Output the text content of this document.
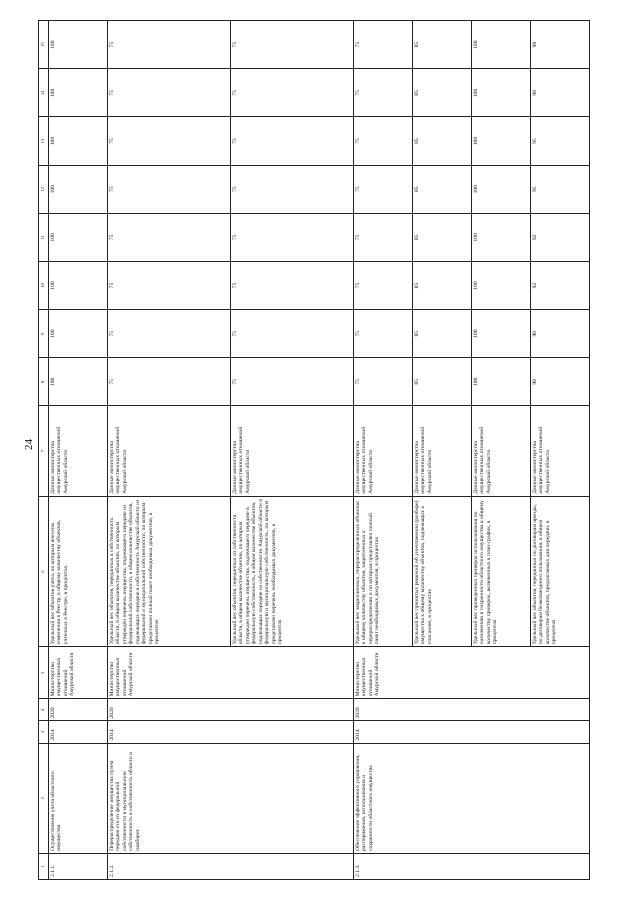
24
1	2	3	4	5	6	7	8	9	10	11	12	13	14	15
2.1.1.	Осуществление учета областного имущества	2014	2020	Министерство имущественных отношений Амурской области	Удельный вес объектов учета, по которым внесены изменения в Реестр, к общему количеству объектов, учтенных в Реестре, в процентах	Данные министерства имущественных отношений Амурской области	100	100	100	100	100	100	100	100
2.1.2.	Перераспределение имущества путем передачи его из федеральной собственности в муниципальную собственность в собственность области и наоборот	2014	2020	Министерство имущественных отношений Амурской области	Удельный вес объектов, переданных в собственность области, в общем количестве объектов, по которым утверждён перечень имущества, подлежащего передаче из федеральной собственности, в общем количестве объектов, подлежащих передаче в собственность Амурской области из федеральной и муниципальной собственности, по которым представлен полный пакет необходимых документов, в процентах	Данные министерства имущественных отношений Амурской области	75	75	75	75	75	75	75	75
					Удельный вес объектов, переданных из собственности области, в общем количестве объектов, по которым утвержден перечень имущества, подлежащего передаче в федеральную собственность, в общем количестве объектов, подлежащих передаче из собственности Амурской области в федеральную и муниципальную собственность, по которым представлен перечень необходимых документов, в процентах	Данные министерства имущественных отношений Амурской области	75	75	75	75	75	75	75	75
2.1.3.	Обеспечение эффективного управления, распоряжения, использования и сохранности областного имущества	2014	2020	Министерство имущественных отношений Амурской области	Удельный вес закрепленных, перераспределенных объектов к общему количеству объектов, закрепленных к перераспределению и по которым представлен полный пакет необходимых документов, в процентах	Данные министерства имущественных отношений Амурской области	75	75	75	75	75	75	75	75
					Удельный вес принятых решений об уничтожении (разборе) имущества к общему количеству объектов, подлежащих к списанию, в процентах	Данные министерства имущественных отношений Амурской области	85	85	85	85	85	85	85	85
					Удельный вес проведенных проверок использования по назначению и сохранности областного имущества к общему количеству проверок, включенных в план-график, в процентах	Данные министерства имущественных отношений Амурской области	100	100	100	100	100	100	100	100
					Удельный вес объектов, переданных по договорам аренды, по договорам безвозмездного пользования, в общем количестве объектов, предлагаемых для передачи, в процентах	Данные министерства имущественных отношений Амурской области	90	90	92	92	95	95	98	98
